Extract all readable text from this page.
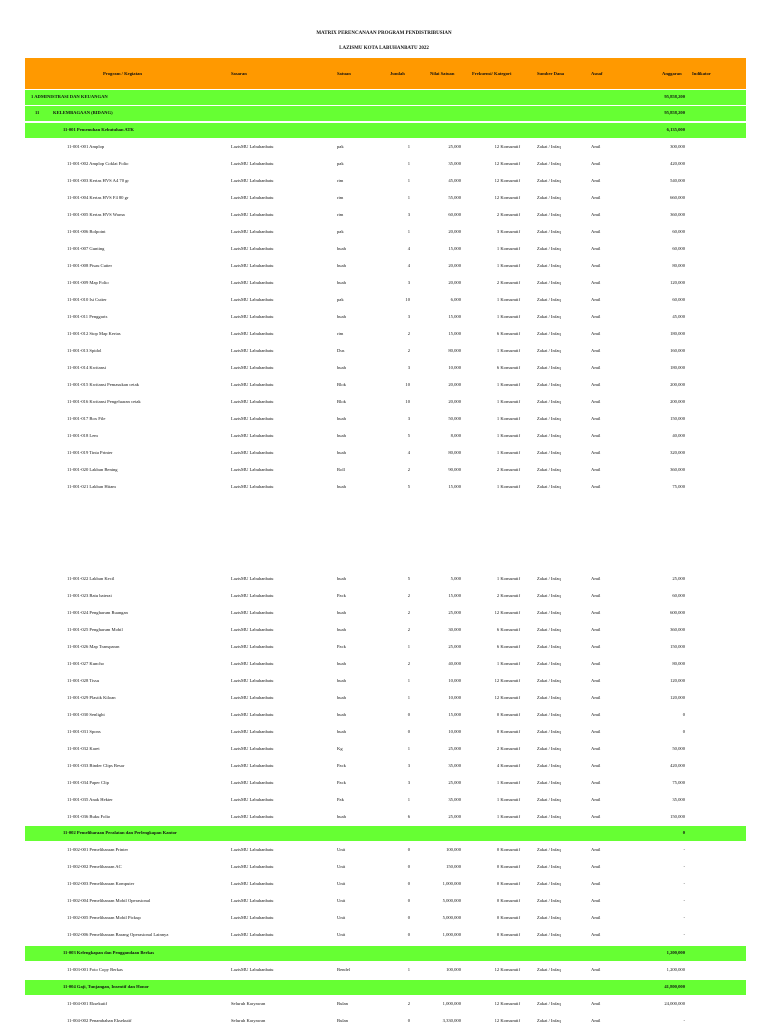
MATRIX PERENCANAAN PROGRAM PENDISTRIBUSIAN
LAZISMU KOTA LABUHANBATU 2022
Program / Kegiatan	Sasaran	Satuan	Jumlah	Nilai Satuan	Frekuensi/ Kategori	Sumber Dana	Asnaf	Anggaran Indikator
1 ADMINISTRASI DAN KEUANGAN	95,858,200
11	KELEMBAGAAN (BIDANG)	95,858,200
11-001 Pemenuhan Kebutuhan ATK	6,135,000
11-001-001 Amplop	LazisMU Labuhanbatu	pak	1	25,000	12 Konsumtif	Zakat / Infaq	Amil	300,000
11-001-002 Amplop Coklat Folio	LazisMU Labuhanbatu	pak	1	35,000	12 Konsumtif	Zakat / Infaq	Amil	420,000
11-001-003 Kertas HVS A4 70 gr	LazisMU Labuhanbatu	rim	1	45,000	12 Konsumtif	Zakat / Infaq	Amil	540,000
11-001-004 Kertas HVS F4 80 gr	LazisMU Labuhanbatu	rim	1	55,000	12 Konsumtif	Zakat / Infaq	Amil	660,000
11-001-005 Kertas HVS Warna	LazisMU Labuhanbatu	rim	3	60,000	2 Konsumtif	Zakat / Infaq	Amil	360,000
11-001-006 Bolpoint	LazisMU Labuhanbatu	pak	1	20,000	3 Konsumtif	Zakat / Infaq	Amil	60,000
11-001-007 Gunting	LazisMU Labuhanbatu	buah	4	15,000	1 Konsumtif	Zakat / Infaq	Amil	60,000
11-001-008 Pisau Cutter	LazisMU Labuhanbatu	buah	4	20,000	1 Konsumtif	Zakat / Infaq	Amil	80,000
11-001-009 Map Folio	LazisMU Labuhanbatu	buah	3	20,000	2 Konsumtif	Zakat / Infaq	Amil	120,000
11-001-010 Isi Cutter	LazisMU Labuhanbatu	pak	10	6,000	1 Konsumtif	Zakat / Infaq	Amil	60,000
11-001-011 Penggaris	LazisMU Labuhanbatu	buah	3	15,000	1 Konsumtif	Zakat / Infaq	Amil	45,000
11-001-012 Stop Map Kertas	LazisMU Labuhanbatu	rim	2	15,000	6 Konsumtif	Zakat / Infaq	Amil	180,000
11-001-013 Spidol	LazisMU Labuhanbatu	Dus	2	80,000	1 Konsumtif	Zakat / Infaq	Amil	160,000
11-001-014 Kwitansi	LazisMU Labuhanbatu	buah	3	10,000	6 Konsumtif	Zakat / Infaq	Amil	180,000
11-001-015 Kwitansi Pemasukan cetak	LazisMU Labuhanbatu	Blok	10	20,000	1 Konsumtif	Zakat / Infaq	Amil	200,000
11-001-016 Kwitansi Pengeluaran cetak	LazisMU Labuhanbatu	Blok	10	20,000	1 Konsumtif	Zakat / Infaq	Amil	200,000
11-001-017 Box File	LazisMU Labuhanbatu	buah	3	50,000	1 Konsumtif	Zakat / Infaq	Amil	150,000
11-001-018 Lem	LazisMU Labuhanbatu	buah	5	8,000	1 Konsumtif	Zakat / Infaq	Amil	40,000
11-001-019 Tinta Printer	LazisMU Labuhanbatu	buah	4	80,000	1 Konsumtif	Zakat / Infaq	Amil	320,000
11-001-020 Lakban Bening	LazisMU Labuhanbatu	Roll	2	90,000	2 Konsumtif	Zakat / Infaq	Amil	360,000
11-001-021 Lakban Hitam	LazisMU Labuhanbatu	buah	5	15,000	1 Konsumtif	Zakat / Infaq	Amil	75,000
11-001-022 Lakban Kecil	LazisMU Labuhanbatu	buah	5	5,000	1 Konsumtif	Zakat / Infaq	Amil	25,000
11-001-023 Batu baterai	LazisMU Labuhanbatu	Pack	2	15,000	2 Konsumtif	Zakat / Infaq	Amil	60,000
11-001-024 Pengharum Ruangan	LazisMU Labuhanbatu	buah	2	25,000	12 Konsumtif	Zakat / Infaq	Amil	600,000
11-001-025 Pengharum Mobil	LazisMU Labuhanbatu	buah	2	30,000	6 Konsumtif	Zakat / Infaq	Amil	360,000
11-001-026 Map Transparan	LazisMU Labuhanbatu	Pack	1	25,000	6 Konsumtif	Zakat / Infaq	Amil	150,000
11-001-027 Kuncho	LazisMU Labuhanbatu	buah	2	40,000	1 Konsumtif	Zakat / Infaq	Amil	80,000
11-001-028 Tissu	LazisMU Labuhanbatu	buah	1	10,000	12 Konsumtif	Zakat / Infaq	Amil	120,000
11-001-029 Plastik Kiloan	LazisMU Labuhanbatu	buah	1	10,000	12 Konsumtif	Zakat / Infaq	Amil	120,000
11-001-030 Senlight	LazisMU Labuhanbatu	buah	0	15,000	0 Konsumtif	Zakat / Infaq	Amil	0
11-001-031 Spons	LazisMU Labuhanbatu	buah	0	10,000	0 Konsumtif	Zakat / Infaq	Amil	0
11-001-032 Karet	LazisMU Labuhanbatu	Kg	1	25,000	2 Konsumtif	Zakat / Infaq	Amil	50,000
11-001-033 Binder Clips Besar	LazisMU Labuhanbatu	Pack	3	35,000	4 Konsumtif	Zakat / Infaq	Amil	420,000
11-001-034 Paper Clip	LazisMU Labuhanbatu	Pack	3	25,000	1 Konsumtif	Zakat / Infaq	Amil	75,000
11-001-035 Anak Hekter	LazisMU Labuhanbatu	Pak	1	35,000	1 Konsumtif	Zakat / Infaq	Amil	35,000
11-001-036 Buku Folio	LazisMU Labuhanbatu	buah	6	25,000	1 Konsumtif	Zakat / Infaq	Amil	150,000
11-002 Pemeliharaan Peralatan dan Perlengkapan Kantor	0
11-002-001 Pemeliharaan Printer	LazisMU Labuhanbatu	Unit	0	100,000	0 Konsumtif	Zakat / Infaq	Amil	-
11-002-002 Pemeliharaan AC	LazisMU Labuhanbatu	Unit	0	150,000	0 Konsumtif	Zakat / Infaq	Amil	-
11-002-003 Pemeliharaan Komputer	LazisMU Labuhanbatu	Unit	0	1,000,000	0 Konsumtif	Zakat / Infaq	Amil	-
11-002-004 Pemeliharaan Mobil Operasional	LazisMU Labuhanbatu	Unit	0	5,000,000	0 Konsumtif	Zakat / Infaq	Amil	-
11-002-005 Pemeliharaan Mobil Pickup	LazisMU Labuhanbatu	Unit	0	5,000,000	0 Konsumtif	Zakat / Infaq	Amil	-
11-002-006 Pemeliharaan Barang Operasional Lainnya	LazisMU Labuhanbatu	Unit	0	1,000,000	0 Konsumtif	Zakat / Infaq	Amil	-
11-003 Kelengkapan dan Penggandaan Berkas	1,200,000
11-003-001 Foto Copy Berkas	LazisMU Labuhanbatu	Bendel	1	100,000	12 Konsumtif	Zakat / Infaq	Amil	1,200,000
11-004 Gaji, Tunjangan, Insentif dan Honor	41,800,000
11-004-001 Eksekutif	Seluruh Karyawan	Bulan	2	1,000,000	12 Konsumtif	Zakat / Infaq	Amil	24,000,000
11-004-002 Penambahan Eksekutif	Seluruh Karyawan	Bulan	0	3,330,000	12 Konsumtif	Zakat / Infaq	Amil	-
